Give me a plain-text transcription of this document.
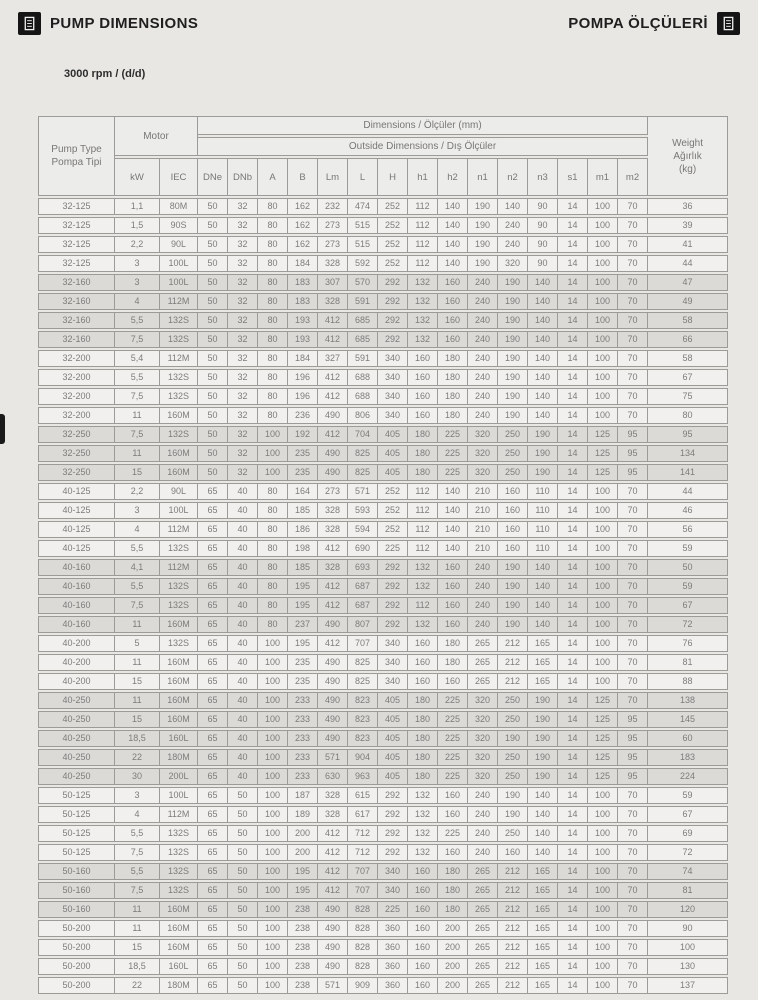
PUMP DIMENSIONS	POMPA ÖLÇÜLERİ
3000 rpm / (d/d)
Pump Type
Pompa Tipi
	Motor	Dimensions / Ölçüler (mm)	
Weight
Ağırlık
(kg)

			Outside Dimensions / Dış Ölçüler															
	kW	IEC	DNe	DNb	A	B	Lm	L	H	h1	h2	n1	n2	n3	s1	m1	m2	
32-125	1,1	80M	50	32	80	162	232	474	252	112	140	190	140	90	14	100	70	36
32-125	1,5	90S	50	32	80	162	273	515	252	112	140	190	240	90	14	100	70	39
32-125	2,2	90L	50	32	80	162	273	515	252	112	140	190	240	90	14	100	70	41
32-125	3	100L	50	32	80	184	328	592	252	112	140	190	320	90	14	100	70	44
32-160	3	100L	50	32	80	183	307	570	292	132	160	240	190	140	14	100	70	47
32-160	4	112M	50	32	80	183	328	591	292	132	160	240	190	140	14	100	70	49
32-160	5,5	132S	50	32	80	193	412	685	292	132	160	240	190	140	14	100	70	58
32-160	7,5	132S	50	32	80	193	412	685	292	132	160	240	190	140	14	100	70	66
32-200	5,4	112M	50	32	80	184	327	591	340	160	180	240	190	140	14	100	70	58
32-200	5,5	132S	50	32	80	196	412	688	340	160	180	240	190	140	14	100	70	67
32-200	7,5	132S	50	32	80	196	412	688	340	160	180	240	190	140	14	100	70	75
32-200	11	160M	50	32	80	236	490	806	340	160	180	240	190	140	14	100	70	80
32-250	7,5	132S	50	32	100	192	412	704	405	180	225	320	250	190	14	125	95	95
32-250	11	160M	50	32	100	235	490	825	405	180	225	320	250	190	14	125	95	134
32-250	15	160M	50	32	100	235	490	825	405	180	225	320	250	190	14	125	95	141
40-125	2,2	90L	65	40	80	164	273	571	252	112	140	210	160	110	14	100	70	44
40-125	3	100L	65	40	80	185	328	593	252	112	140	210	160	110	14	100	70	46
40-125	4	112M	65	40	80	186	328	594	252	112	140	210	160	110	14	100	70	56
40-125	5,5	132S	65	40	80	198	412	690	225	112	140	210	160	110	14	100	70	59
40-160	4,1	112M	65	40	80	185	328	693	292	132	160	240	190	140	14	100	70	50
40-160	5,5	132S	65	40	80	195	412	687	292	132	160	240	190	140	14	100	70	59
40-160	7,5	132S	65	40	80	195	412	687	292	112	160	240	190	140	14	100	70	67
40-160	11	160M	65	40	80	237	490	807	292	132	160	240	190	140	14	100	70	72
40-200	5	132S	65	40	100	195	412	707	340	160	180	265	212	165	14	100	70	76
40-200	11	160M	65	40	100	235	490	825	340	160	180	265	212	165	14	100	70	81
40-200	15	160M	65	40	100	235	490	825	340	160	160	265	212	165	14	100	70	88
40-250	11	160M	65	40	100	233	490	823	405	180	225	320	250	190	14	125	70	138
40-250	15	160M	65	40	100	233	490	823	405	180	225	320	250	190	14	125	95	145
40-250	18,5	160L	65	40	100	233	490	823	405	180	225	320	190	190	14	125	95	60
40-250	22	180M	65	40	100	233	571	904	405	180	225	320	250	190	14	125	95	183
40-250	30	200L	65	40	100	233	630	963	405	180	225	320	250	190	14	125	95	224
50-125	3	100L	65	50	100	187	328	615	292	132	160	240	190	140	14	100	70	59
50-125	4	112M	65	50	100	189	328	617	292	132	160	240	190	140	14	100	70	67
50-125	5,5	132S	65	50	100	200	412	712	292	132	225	240	250	140	14	100	70	69
50-125	7,5	132S	65	50	100	200	412	712	292	132	160	240	160	140	14	100	70	72
50-160	5,5	132S	65	50	100	195	412	707	340	160	180	265	212	165	14	100	70	74
50-160	7,5	132S	65	50	100	195	412	707	340	160	180	265	212	165	14	100	70	81
50-160	11	160M	65	50	100	238	490	828	225	160	180	265	212	165	14	100	70	120
50-200	11	160M	65	50	100	238	490	828	360	160	200	265	212	165	14	100	70	90
50-200	15	160M	65	50	100	238	490	828	360	160	200	265	212	165	14	100	70	100
50-200	18,5	160L	65	50	100	238	490	828	360	160	200	265	212	165	14	100	70	130
50-200	22	180M	65	50	100	238	571	909	360	160	200	265	212	165	14	100	70	137
